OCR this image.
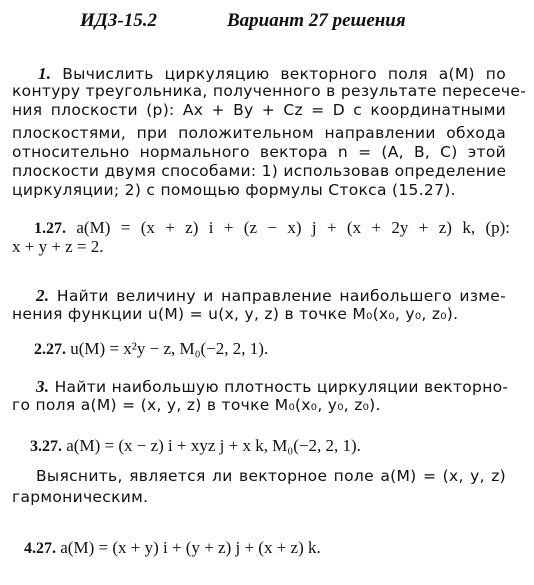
ИДЗ-15.2	Вариант 27 решения
1. Вычислить циркуляцию векторного поля a(M) по
контуру треугольника, полученного в результате пересече-
ния плоскости (p): Ax + By + Cz = D с координатными
плоскостями, при положительном направлении обхода
относительно нормального вектора n = (A, B, C) этой
плоскости двумя способами: 1) использовав определение
циркуляции; 2) с помощью формулы Стокса (15.27).
1.27. a(M) = (x + z) i + (z − x) j + (x + 2y + z) k, (p):
x + y + z = 2.
2. Найти величину и направление наибольшего изме-
нения функции u(M) = u(x, y, z) в точке M₀(x₀, y₀, z₀).
2.27. u(M) = x²y − z, M₀(−2, 2, 1).
3. Найти наибольшую плотность циркуляции векторно-
го поля a(M) = (x, y, z) в точке M₀(x₀, y₀, z₀).
3.27. a(M) = (x − z) i + xyz j + x k, M₀(−2, 2, 1).
Выяснить, является ли векторное поле a(M) = (x, y, z)
гармоническим.
4.27. a(M) = (x + y) i + (y + z) j + (x + z) k.
